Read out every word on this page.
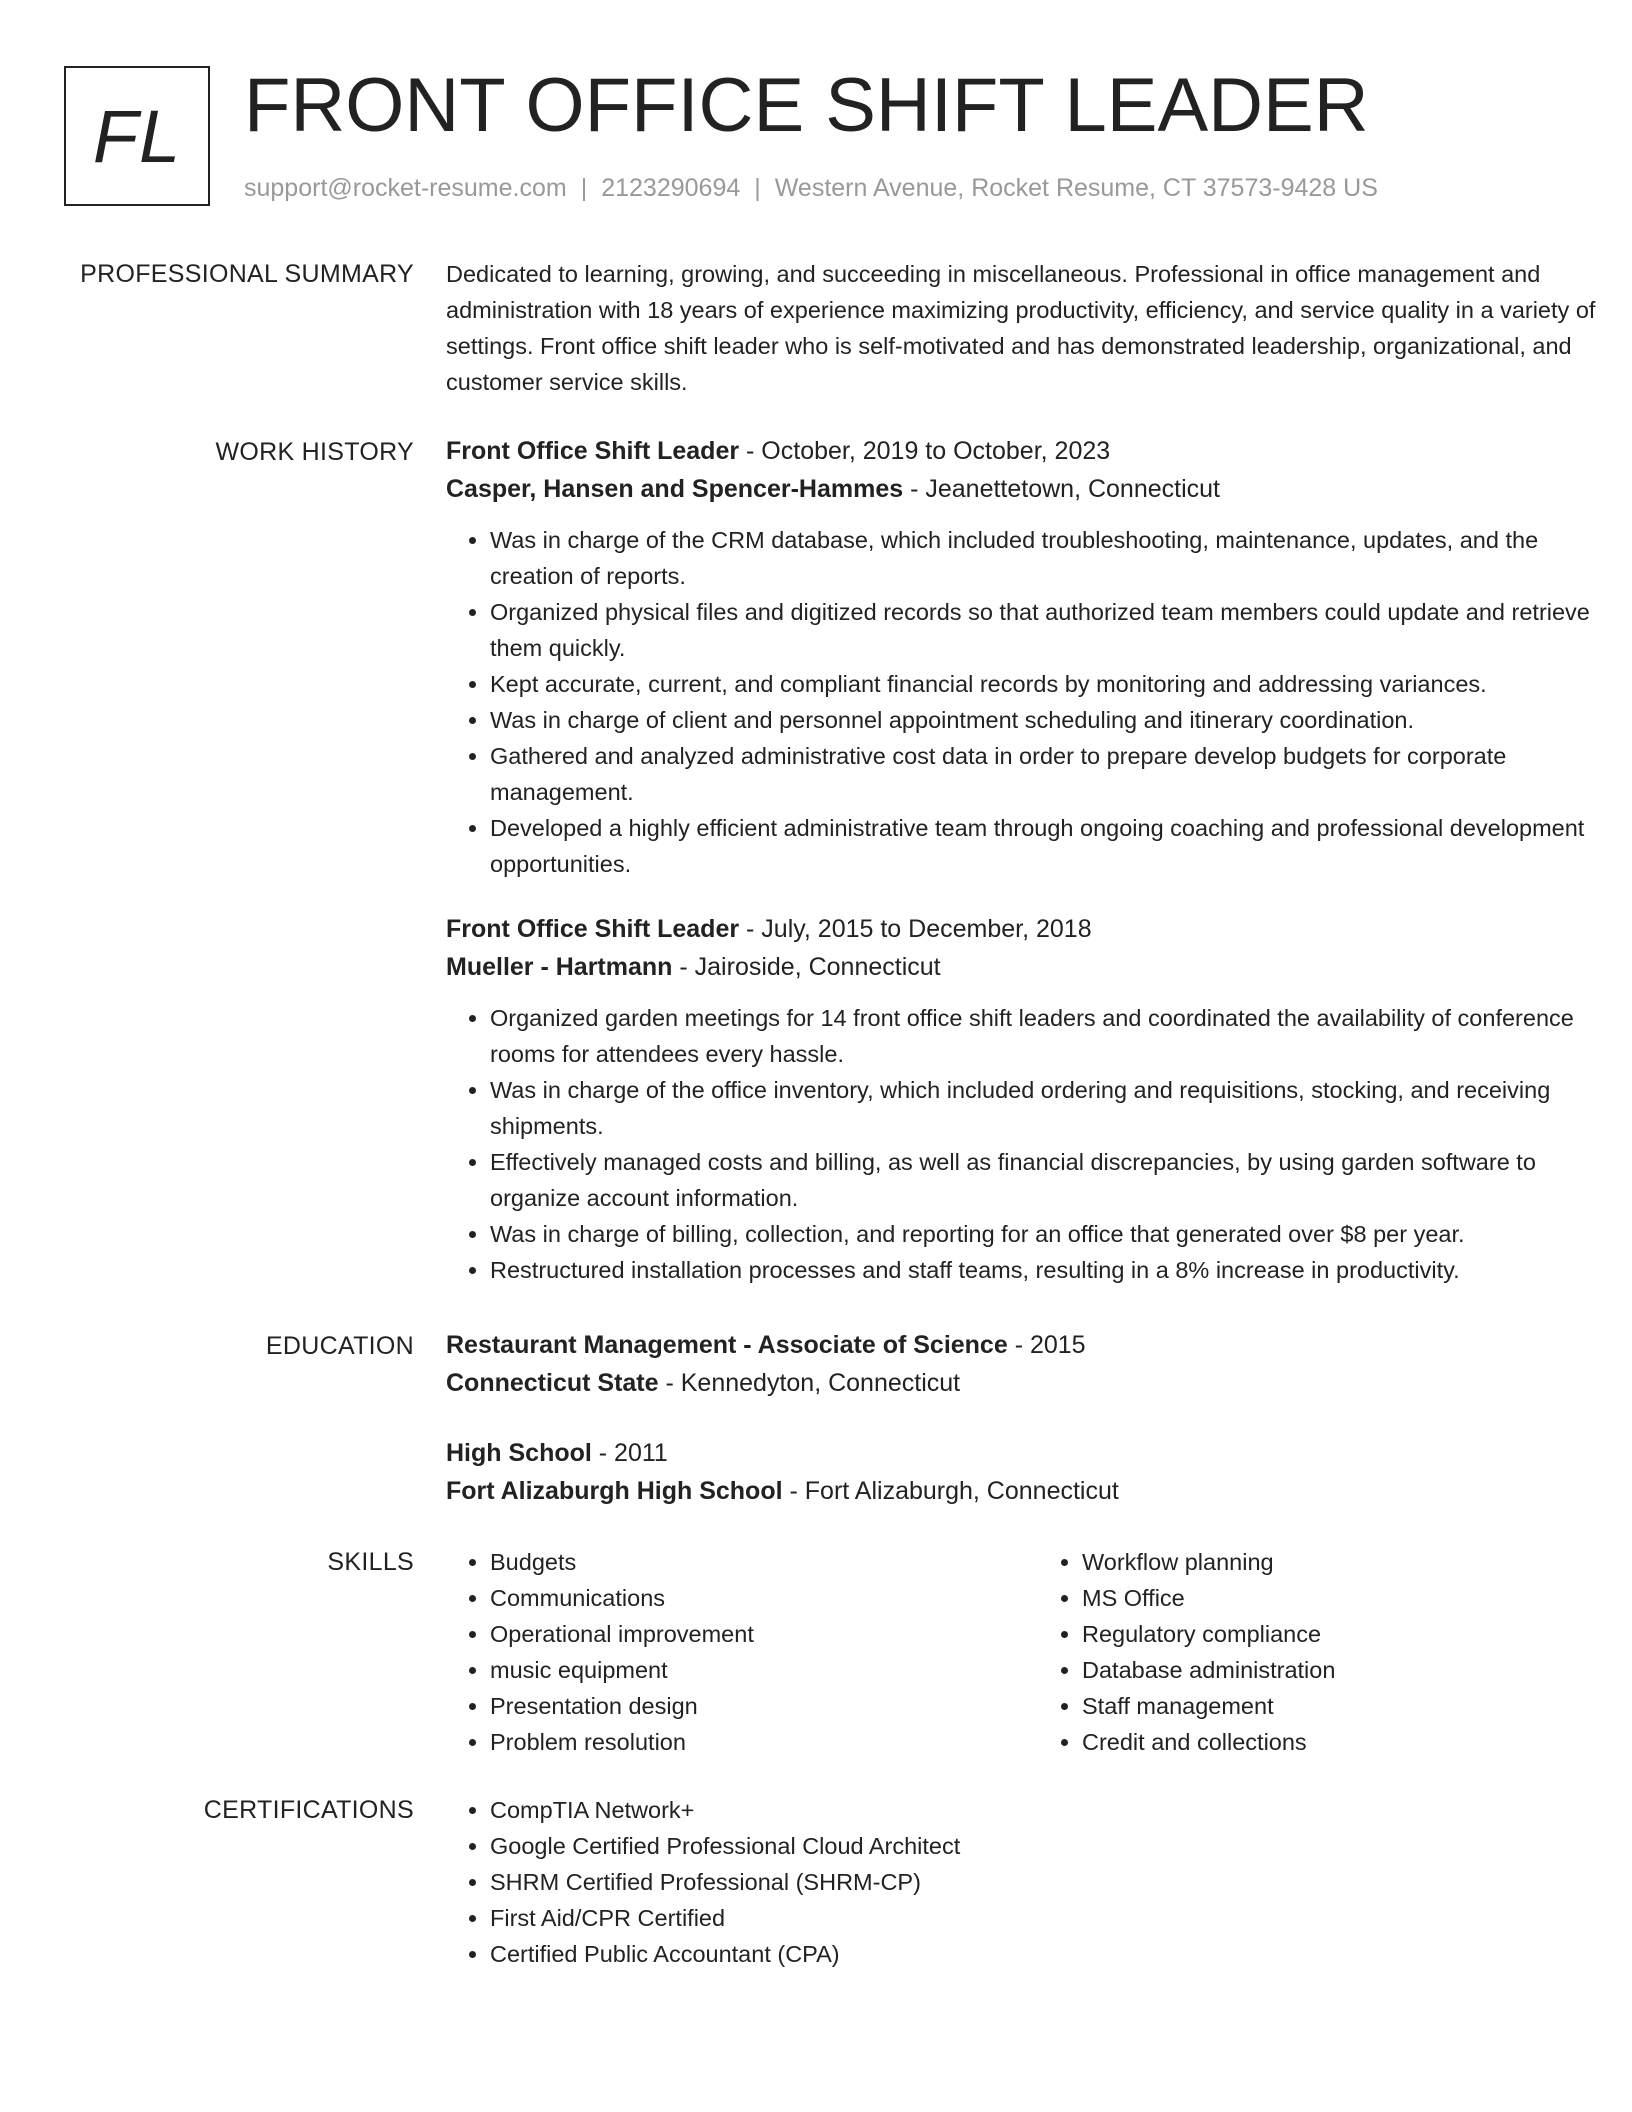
FL FRONT OFFICE SHIFT LEADER
support@rocket-resume.com | 2123290694 | Western Avenue, Rocket Resume, CT 37573-9428 US
PROFESSIONAL SUMMARY Dedicated to learning, growing, and succeeding in miscellaneous. Professional in office management and administration with 18 years of experience maximizing productivity, efficiency, and service quality in a variety of settings. Front office shift leader who is self-motivated and has demonstrated leadership, organizational, and customer service skills.

WORK HISTORY Front Office Shift Leader - October, 2019 to October, 2023
Casper, Hansen and Spencer-Hammes - Jeanettetown, Connecticut
• Was in charge of the CRM database, which included troubleshooting, maintenance, updates, and the creation of reports.
• Organized physical files and digitized records so that authorized team members could update and retrieve them quickly.
• Kept accurate, current, and compliant financial records by monitoring and addressing variances.
• Was in charge of client and personnel appointment scheduling and itinerary coordination.
• Gathered and analyzed administrative cost data in order to prepare develop budgets for corporate management.
• Developed a highly efficient administrative team through ongoing coaching and professional development opportunities.
Front Office Shift Leader - July, 2015 to December, 2018
Mueller - Hartmann - Jairoside, Connecticut
• Organized garden meetings for 14 front office shift leaders and coordinated the availability of conference rooms for attendees every hassle.
• Was in charge of the office inventory, which included ordering and requisitions, stocking, and receiving shipments.
• Effectively managed costs and billing, as well as financial discrepancies, by using garden software to organize account information.
• Was in charge of billing, collection, and reporting for an office that generated over $8 per year.
• Restructured installation processes and staff teams, resulting in a 8% increase in productivity.
EDUCATION Restaurant Management - Associate of Science - 2015
Connecticut State - Kennedyton, Connecticut
High School - 2011
Fort Alizaburgh High School - Fort Alizaburgh, Connecticut
SKILLS	• Budgets
• Communications
• Operational improvement
• music equipment
• Presentation design
• Problem resolution
• Workflow planning
• MS Office
• Regulatory compliance
• Database administration
• Staff management
• Credit and collections
CERTIFICATIONS	• CompTIA Network+
• Google Certified Professional Cloud Architect
• SHRM Certified Professional (SHRM-CP)
• First Aid/CPR Certified
• Certified Public Accountant (CPA)
